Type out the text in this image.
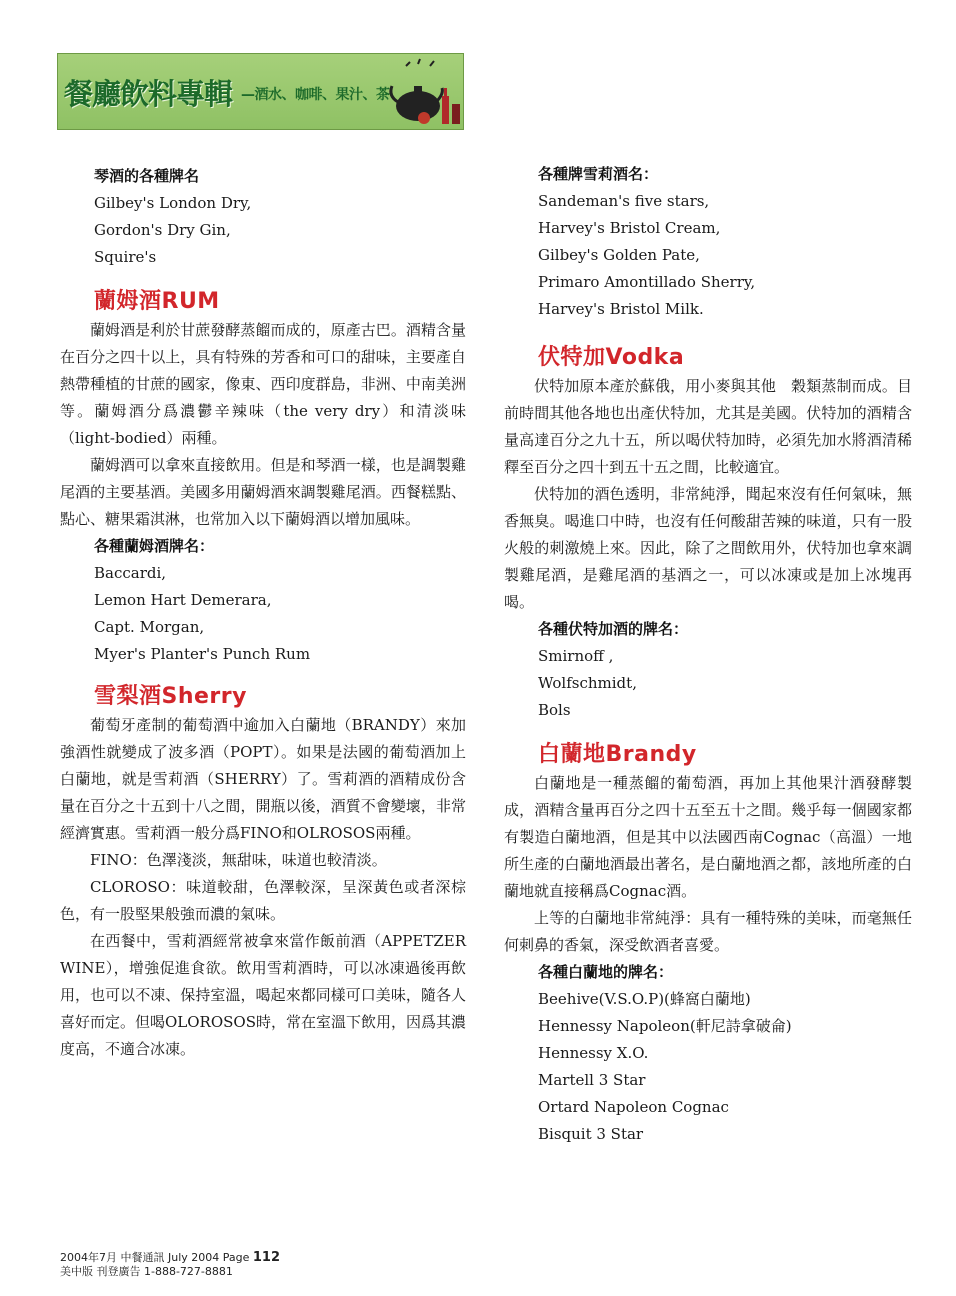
餐廳飲料專輯 —酒水、咖啡、果汁、茶
琴酒的各種牌名
Gilbey's London Dry,
Gordon's Dry Gin,
Squire's
蘭姆酒RUM

蘭姆酒是利於甘蔗發酵蒸餾而成的，原產古巴。酒精含量在百分之四十以上，具有特殊的芳香和可口的甜味，主要產自熱帶種植的甘蔗的國家，像東、西印度群島，非洲、中南美洲等。蘭姆酒分爲濃鬱辛辣味（the very dry）和清淡味（light-bodied）兩種。

蘭姆酒可以拿來直接飲用。但是和琴酒一樣，也是調製雞尾酒的主要基酒。美國多用蘭姆酒來調製雞尾酒。西餐糕點、點心、糖果霜淇淋，也常加入以下蘭姆酒以增加風味。

各種蘭姆酒牌名：
Baccardi,
Lemon Hart Demerara,
Capt. Morgan,
Myer's Planter's Punch Rum
雪梨酒Sherry

葡萄牙產制的葡萄酒中逾加入白蘭地（BRANDY）來加強酒性就變成了波多酒（POPT）。如果是法國的葡萄酒加上白蘭地，就是雪莉酒（SHERRY）了。雪莉酒的酒精成份含量在百分之十五到十八之間，開瓶以後，酒質不會變壞，非常經濟實惠。雪莉酒一般分爲FINO和OLROSOS兩種。

FINO：色澤淺淡，無甜味，味道也較清淡。

CLOROSO：味道較甜，色澤較深，呈深黃色或者深棕色，有一股堅果般強而濃的氣味。

在西餐中，雪莉酒經常被拿來當作飯前酒（APPETZER WINE），增強促進食欲。飲用雪莉酒時，可以冰凍過後再飲用，也可以不凍、保持室溫，喝起來都同樣可口美味，隨各人喜好而定。但喝OLOROSOS時，常在室溫下飲用，因爲其濃度高，不適合冰凍。

各種牌雪莉酒名：
Sandeman's five stars,
Harvey's Bristol Cream,
Gilbey's Golden Pate,
Primaro Amontillado Sherry,
Harvey's Bristol Milk.
伏特加Vodka

伏特加原本產於蘇俄，用小麥與其他　穀類蒸制而成。目前時間其他各地也出產伏特加，尤其是美國。伏特加的酒精含量高達百分之九十五，所以喝伏特加時，必須先加水將酒清稀釋至百分之四十到五十五之間，比較適宜。

伏特加的酒色透明，非常純淨，聞起來沒有任何氣味，無香無臭。喝進口中時，也沒有任何酸甜苦辣的味道，只有一股火般的刺激燒上來。因此，除了之間飲用外，伏特加也拿來調製雞尾酒，是雞尾酒的基酒之一，可以冰凍或是加上冰塊再喝。

各種伏特加酒的牌名：
Smirnoff ,
Wolfschmidt,
Bols
白蘭地Brandy

白蘭地是一種蒸餾的葡萄酒，再加上其他果汁酒發酵製成，酒精含量再百分之四十五至五十之間。幾乎每一個國家都有製造白蘭地酒，但是其中以法國西南Cognac（高溫）一地所生產的白蘭地酒最出著名，是白蘭地酒之都，該地所產的白蘭地就直接稱爲Cognac酒。

上等的白蘭地非常純淨：具有一種特殊的美味，而毫無任何刺鼻的香氣，深受飲酒者喜愛。

各種白蘭地的牌名：
Beehive(V.S.O.P)(蜂窩白蘭地)
Hennessy Napoleon(軒尼詩拿破侖)
Hennessy X.O.
Martell 3 Star
Ortard Napoleon Cognac
Bisquit 3 Star
2004年7月 中餐通訊 July 2004 Page 112
美中版 刊登廣告 1-888-727-8881
